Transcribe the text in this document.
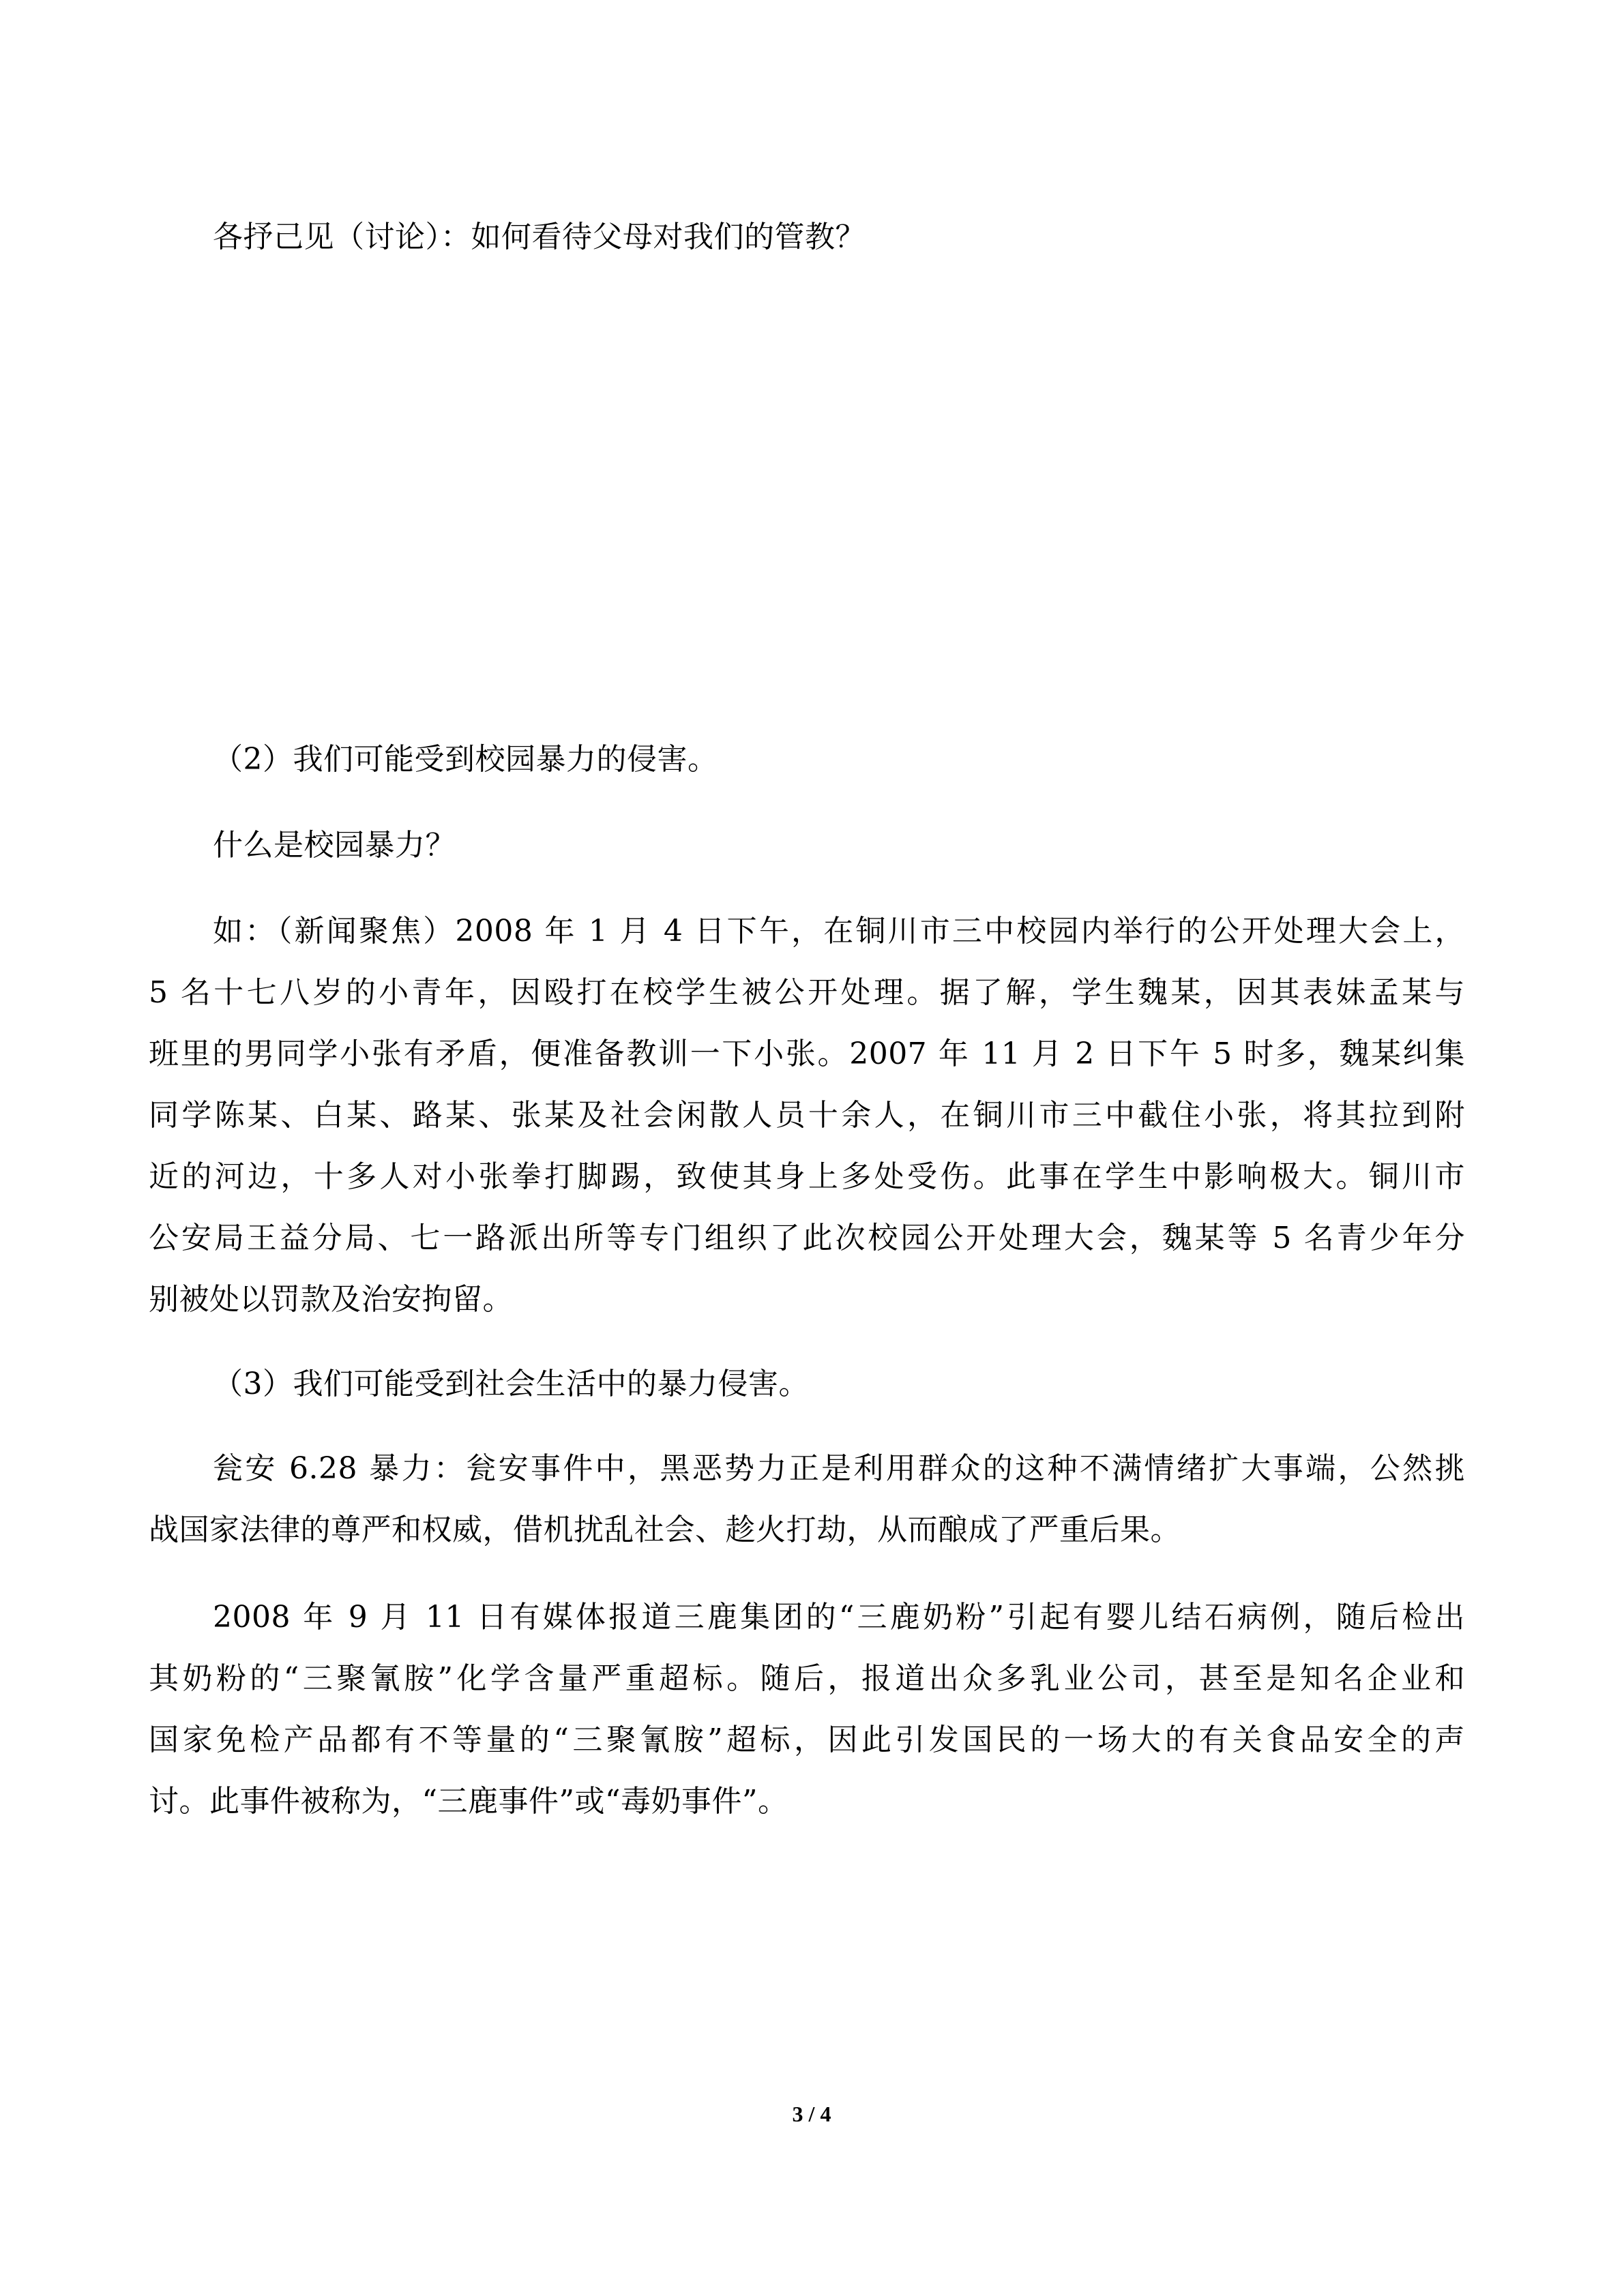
各抒己见（讨论）：如何看待父母对我们的管教？
（2）我们可能受到校园暴力的侵害。
什么是校园暴力？
如：（新闻聚焦）2008 年 1 月 4 日下午，在铜川市三中校园内举行的公开处理大会上，
5 名十七八岁的小青年，因殴打在校学生被公开处理。据了解，学生魏某，因其表妹孟某与
班里的男同学小张有矛盾，便准备教训一下小张。2007 年 11 月 2 日下午 5 时多，魏某纠集
同学陈某、白某、路某、张某及社会闲散人员十余人，在铜川市三中截住小张，将其拉到附
近的河边，十多人对小张拳打脚踢，致使其身上多处受伤。此事在学生中影响极大。铜川市
公安局王益分局、七一路派出所等专门组织了此次校园公开处理大会，魏某等 5 名青少年分
别被处以罚款及治安拘留。
（3）我们可能受到社会生活中的暴力侵害。
瓮安 6.28 暴力：瓮安事件中，黑恶势力正是利用群众的这种不满情绪扩大事端，公然挑
战国家法律的尊严和权威，借机扰乱社会、趁火打劫，从而酿成了严重后果。
2008 年 9 月 11 日有媒体报道三鹿集团的“三鹿奶粉”引起有婴儿结石病例，随后检出
其奶粉的“三聚氰胺”化学含量严重超标。随后，报道出众多乳业公司，甚至是知名企业和
国家免检产品都有不等量的“三聚氰胺”超标，因此引发国民的一场大的有关食品安全的声
讨。此事件被称为，“三鹿事件”或“毒奶事件”。
3 / 4
